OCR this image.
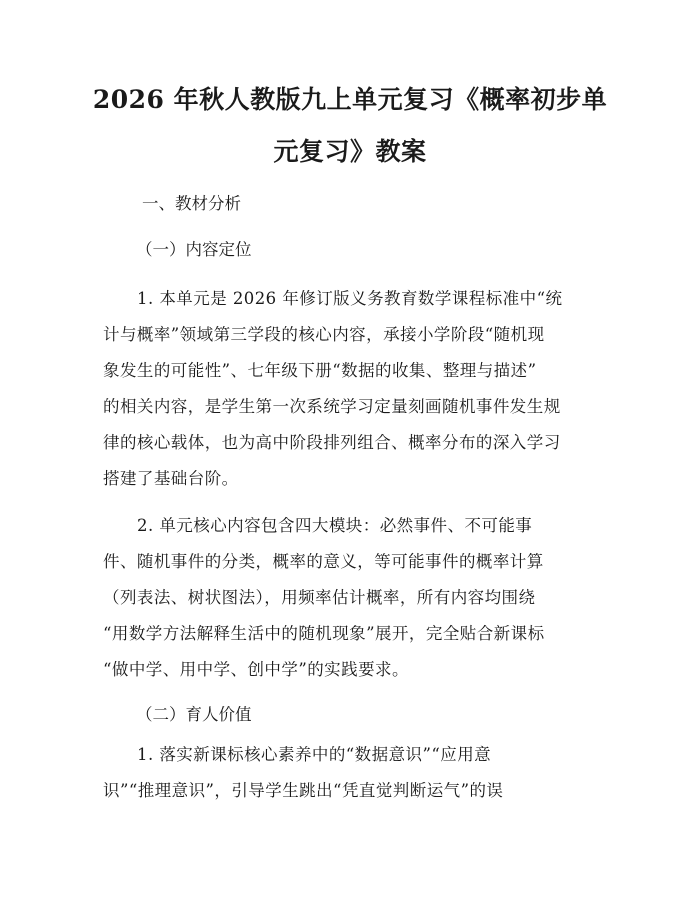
2026 年秋人教版九上单元复习《概率初步单
元复习》教案
一、教材分析
（一）内容定位
1. 本单元是 2026 年修订版义务教育数学课程标准中“统
计与概率”领域第三学段的核心内容，承接小学阶段“随机现
象发生的可能性”、七年级下册“数据的收集、整理与描述”
的相关内容，是学生第一次系统学习定量刻画随机事件发生规
律的核心载体，也为高中阶段排列组合、概率分布的深入学习
搭建了基础台阶。
2. 单元核心内容包含四大模块：必然事件、不可能事
件、随机事件的分类，概率的意义，等可能事件的概率计算
（列表法、树状图法），用频率估计概率，所有内容均围绕
“用数学方法解释生活中的随机现象”展开，完全贴合新课标
“做中学、用中学、创中学”的实践要求。
（二）育人价值
1. 落实新课标核心素养中的“数据意识”“应用意
识”“推理意识”，引导学生跳出“凭直觉判断运气”的误
